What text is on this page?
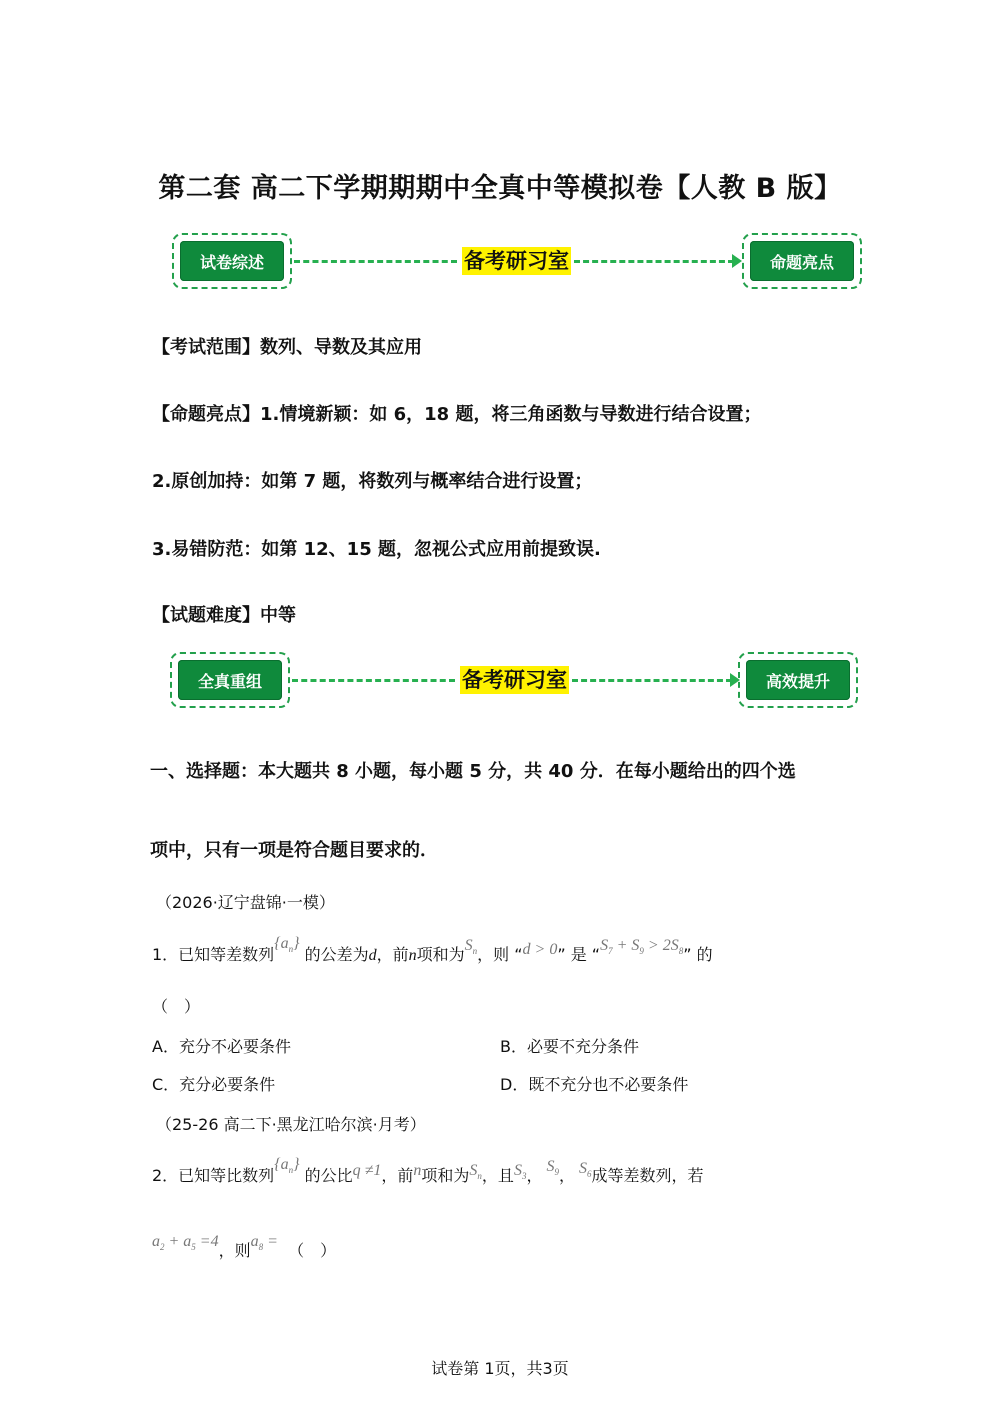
第二套 高二下学期期期中全真中等模拟卷【人教 B 版】
试卷综述	备考研习室	命题亮点
【考试范围】数列、导数及其应用
【命题亮点】1.情境新颖：如 6，18 题，将三角函数与导数进行结合设置；
2.原创加持：如第 7 题，将数列与概率结合进行设置；
3.易错防范：如第 12、15 题，忽视公式应用前提致误.
【试题难度】中等
全真重组	备考研习室	高效提升
一、选择题：本大题共 8 小题，每小题 5 分，共 40 分．在每小题给出的四个选
项中，只有一项是符合题目要求的．
（2026·辽宁盘锦·一模）
1．已知等差数列$\{a_n\}$ 的公差为d，前n项和为$S_n$，则 “d > 0” 是 “$S_7 + S_9 > 2S_8$” 的
（　）
A．充分不必要条件	B．必要不充分条件
C．充分必要条件	D．既不充分也不必要条件
（25-26 高二下·黑龙江哈尔滨·月考）
2．已知等比数列$\{a_n\}$ 的公比q ≠1，前n项和为$S_n$，且$S_3$， $S_9$， $S_6$成等差数列，若
$a_2 + a_5 =4$，则$a_8$ = （　）
试卷第 1页，共3页
